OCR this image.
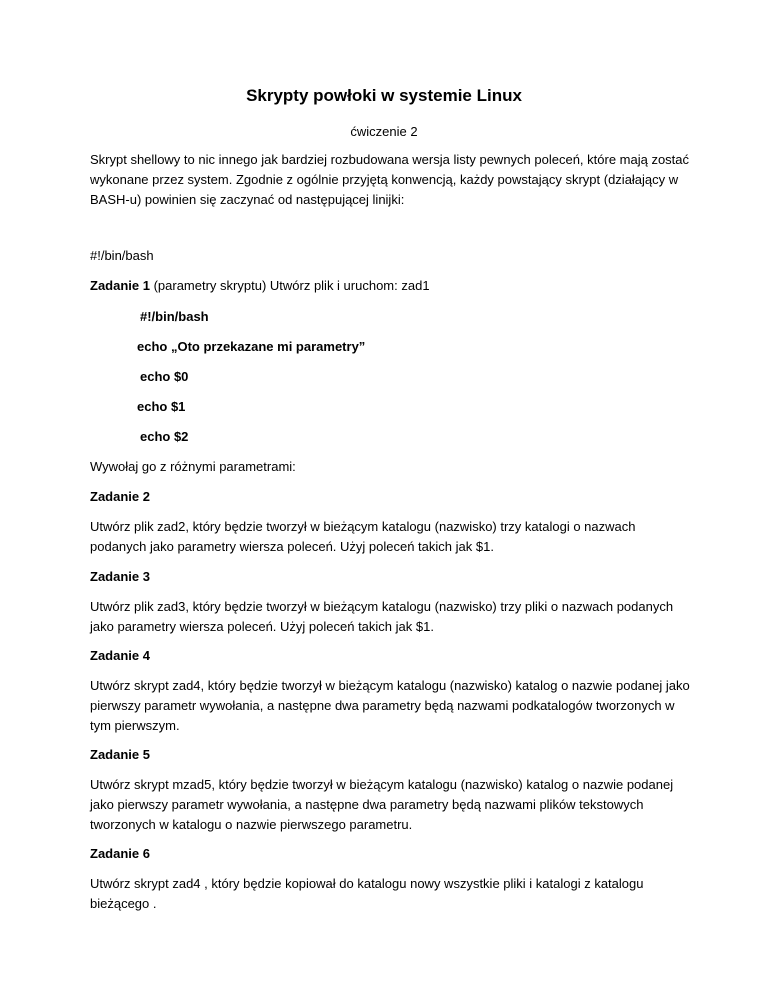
Skrypty powłoki w systemie Linux
ćwiczenie 2
Skrypt shellowy to nic innego jak bardziej rozbudowana wersja listy pewnych poleceń, które mają zostać wykonane przez system. Zgodnie z ogólnie przyjętą konwencją, każdy powstający skrypt (działający w BASH-u) powinien się zaczynać od następującej linijki:
#!/bin/bash
Zadanie 1 (parametry skryptu) Utwórz plik i uruchom: zad1
#!/bin/bash
echo „Oto przekazane mi parametry”
echo $0
echo $1
echo $2
Wywołaj go z różnymi parametrami:
Zadanie 2
Utwórz plik zad2, który będzie tworzył w bieżącym katalogu (nazwisko) trzy katalogi o nazwach podanych jako parametry wiersza poleceń. Użyj poleceń takich jak $1.
Zadanie 3
Utwórz plik zad3, który będzie tworzył w bieżącym katalogu (nazwisko) trzy pliki o nazwach podanych jako parametry wiersza poleceń. Użyj poleceń takich jak $1.
Zadanie 4
Utwórz skrypt zad4, który będzie tworzył w bieżącym katalogu (nazwisko) katalog o nazwie podanej jako pierwszy parametr wywołania, a następne dwa parametry będą nazwami podkatalogów tworzonych w tym pierwszym.
Zadanie 5
Utwórz skrypt mzad5, który będzie tworzył w bieżącym katalogu (nazwisko) katalog o nazwie podanej jako pierwszy parametr wywołania, a następne dwa parametry będą nazwami plików tekstowych tworzonych w katalogu o nazwie pierwszego parametru.
Zadanie 6
Utwórz skrypt zad4 , który będzie kopiował do katalogu nowy wszystkie pliki i katalogi z katalogu bieżącego .
